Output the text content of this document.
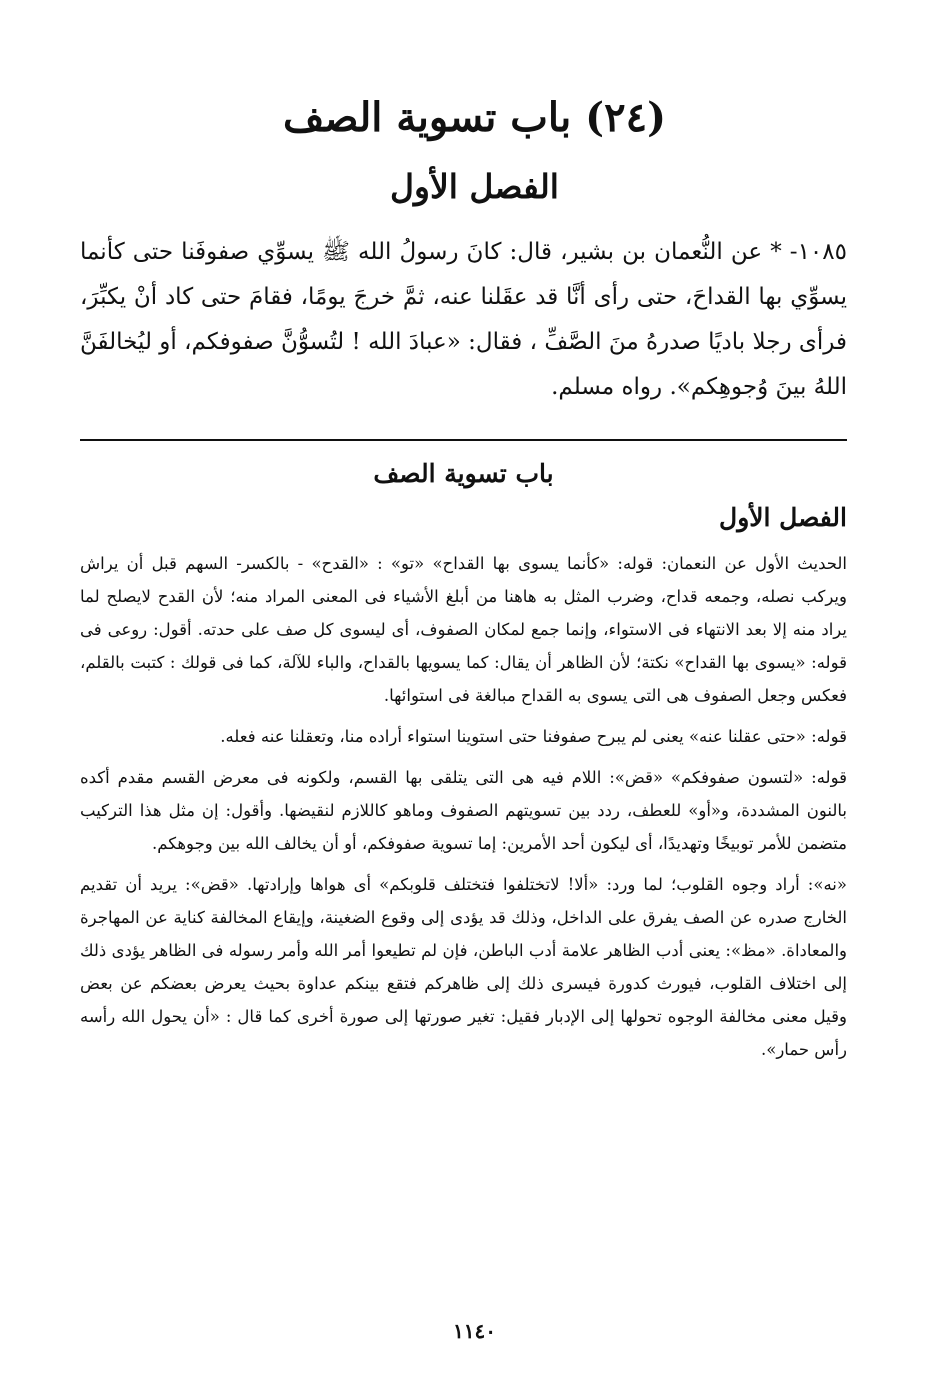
(٢٤) باب تسوية الصف
الفصل الأول

١٠٨٥- * عن النُّعمان بن بشير، قال: كانَ رسولُ الله ﷺ يسوِّي صفوفَنا حتى كأنما يسوِّي بها القداحَ، حتى رأى أنَّا قد عقَلنا عنه، ثمَّ خرجَ يومًا، فقامَ حتى كاد أنْ يكبِّرَ، فرأى رجلا باديًا صدرهُ منَ الصَّفِّ ، فقال: «عبادَ الله ! لتُسوُّنَّ صفوفكم، أو ليُخالفَنَّ اللهُ بينَ وُجوهِكم». رواه مسلم.

باب تسوية الصف
الفصل الأول

الحديث الأول عن النعمان: قوله: «كأنما يسوى بها القداح» «تو» : «القدح» - بالكسر- السهم قبل أن يراش ويركب نصله، وجمعه قداح، وضرب المثل به هاهنا من أبلغ الأشياء فى المعنى المراد منه؛ لأن القدح لايصلح لما يراد منه إلا بعد الانتهاء فى الاستواء، وإنما جمع لمكان الصفوف، أى ليسوى كل صف على حدته. أقول: روعى فى قوله: «يسوى بها القداح» نكتة؛ لأن الظاهر أن يقال: كما يسويها بالقداح، والباء للآلة، كما فى قولك : كتبت بالقلم، فعكس وجعل الصفوف هى التى يسوى به القداح مبالغة فى استوائها.

قوله: «حتى عقلنا عنه» يعنى لم يبرح صفوفنا حتى استوينا استواء أراده منا، وتعقلنا عنه فعله.

قوله: «لتسون صفوفكم» «قض»: اللام فيه هى التى يتلقى بها القسم، ولكونه فى معرض القسم مقدم أكده بالنون المشددة، و«أو» للعطف، ردد بين تسويتهم الصفوف وماهو كاللازم لنقيضها. وأقول: إن مثل هذا التركيب متضمن للأمر توبيخًا وتهديدًا، أى ليكون أحد الأمرين: إما تسوية صفوفكم، أو أن يخالف الله بين وجوهكم.

«نه»: أراد وجوه القلوب؛ لما ورد: «ألا! لاتختلفوا فتختلف قلوبكم» أى هواها وإرادتها. «قض»: يريد أن تقديم الخارج صدره عن الصف يفرق على الداخل، وذلك قد يؤدى إلى وقوع الضغينة، وإيقاع المخالفة كناية عن المهاجرة والمعاداة. «مظ»: يعنى أدب الظاهر علامة أدب الباطن، فإن لم تطيعوا أمر الله وأمر رسوله فى الظاهر يؤدى ذلك إلى اختلاف القلوب، فيورث كدورة فيسرى ذلك إلى ظاهركم فتقع بينكم عداوة بحيث يعرض بعضكم عن بعض وقيل معنى مخالفة الوجوه تحولها إلى الإدبار فقيل: تغير صورتها إلى صورة أخرى كما قال : «أن يحول الله رأسه رأس حمار».

١١٤٠
